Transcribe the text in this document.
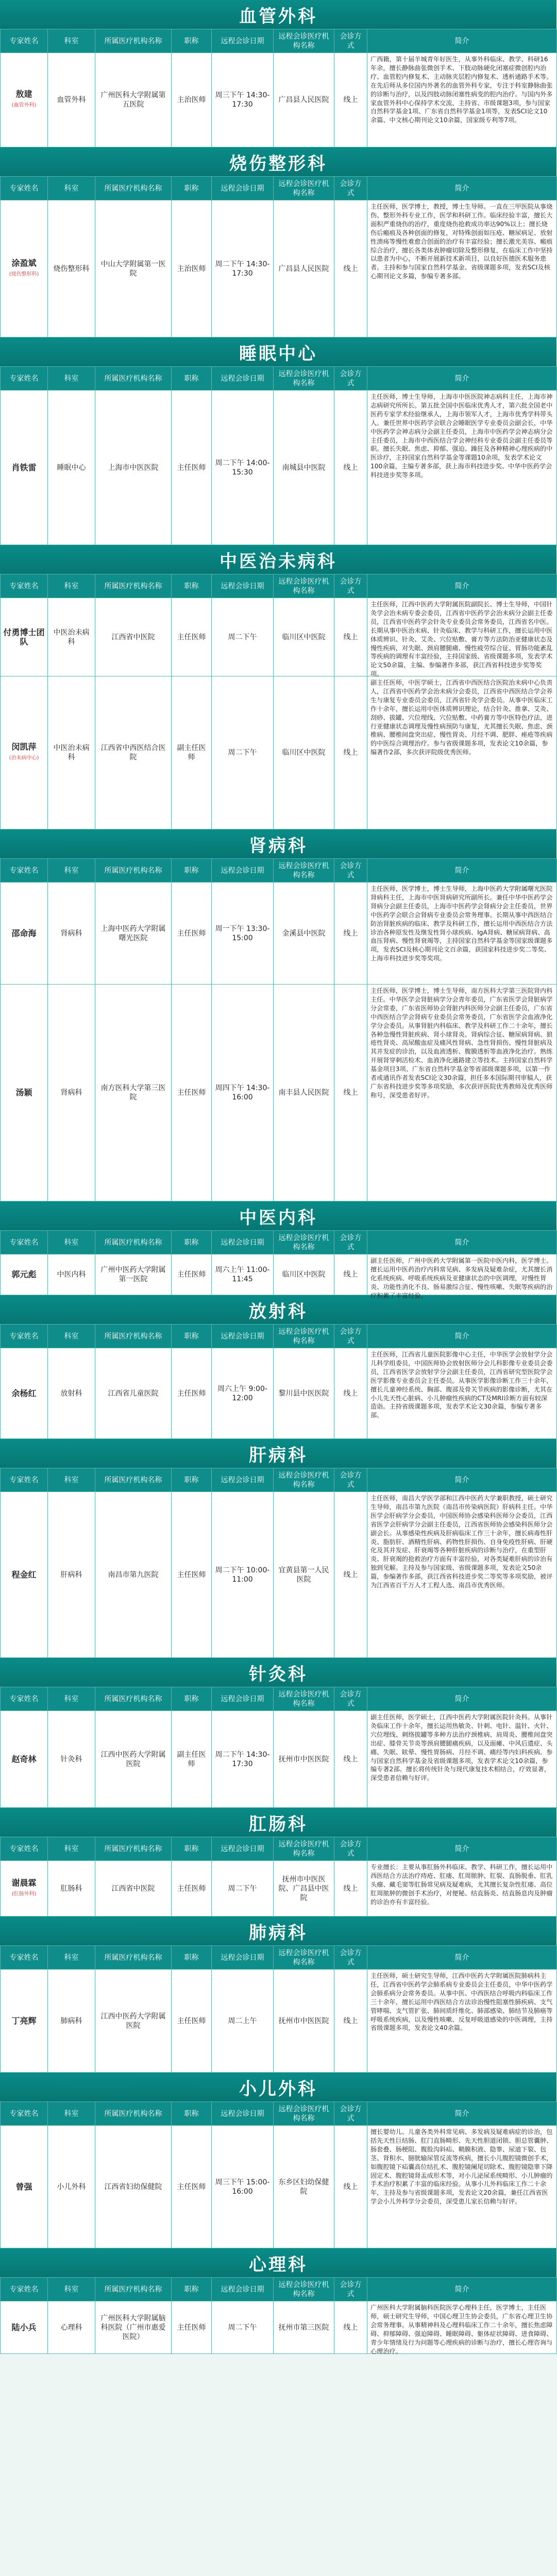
血管外科
专家姓名	科室	所属医疗机构名称	职称	远程会诊日期	远程会诊医疗机构名称	会诊方式	简介

敖建
(血管外科)	血管外科	广州医科大学附属第五医院	主治医师	周三下午 14:30-17:30	广昌县人民医院	线上	广西籍，第十届羊城青年好医生，从事外科临床、教学、科研16年余，擅长静脉曲张微创手术、下肢动脉硬化闭塞症微创腔内治疗、血管腔内修复术、主动脉夹层腔内修复术、透析通路手术等。在先后师从多位国内外著名的血管外科专家，专注于科室静脉曲张的诊断与治疗，以及四肢动脉闭塞性病变的腔内治疗。与国内外多家血管外科中心保持学术交流，主持省、市级课题3项，参与国家自然科学基金1项、广东省自然科学基金1项等，发表SCI论文10余篇、中文核心期刊论文10余篇，国家级专利等7项。
烧伤整形科
专家姓名	科室	所属医疗机构名称	职称	远程会诊日期	远程会诊医疗机构名称	会诊方式	简介

涂盈斌
(烧伤整形科)	烧伤整形科	中山大学附属第一医院	主治医师	周二下午 14:30-17:30	广昌县人民医院	线上	主任医师，医学博士，教授，博士生导师。一直在三甲医院从事烧伤、整形外科专业工作，医学和科研工作。临床经验丰富，擅长大面积严重烧伤的治疗，重度烧伤抢救成功率达90%以上；擅长烧伤后瘢痕及各种创面的修复，对特殊创面如压疮、糖尿病足、放射性溃疡等慢性难愈合创面的治疗有丰富经验；擅长激光美容、瘢痕综合治疗，擅长各类体表肿瘤切除及整形修复，在临床工作中坚持以患者为中心，不断开展新技术新项目，以良好医德医术服务患者。主持和参与国家自然科学基金、省级课题多项，发表SCI及核心期刊论文多篇，参编专著多部。
睡眠中心
专家姓名	科室	所属医疗机构名称	职称	远程会诊日期	远程会诊医疗机构名称	会诊方式	简介

肖铁雷	睡眠中心	上海市中医医院	主任医师	周二下午 14:00-15:30	南城县中医院	线上	主任医师，博士生导师，上海市中医医院神志病科主任，上海市神志病研究所所长。第五批全国中医临床优秀人才，第六批全国老中医药专家学术经验继承人，上海市领军人才，上海市优秀学科带头人。兼任世界中医药学会联合会睡眠医学专业委员会副会长，中华中医药学会神志病分会副主任委员，上海市中医药学会神志病分会主任委员，上海市中西医结合学会神经科专业委员会副主任委员等职。擅长失眠、焦虑、抑郁、强迫、躁狂及各种精神心理疾病的中医诊疗，主持国家自然科学基金等课题10余项，发表学术论文100余篇，主编专著多部，获上海市科技进步奖、中华中医药学会科技进步奖等多项。
中医治未病科
专家姓名	科室	所属医疗机构名称	职称	远程会诊日期	远程会诊医疗机构名称	会诊方式	简介

付勇博士团队	中医治未病科	江西省中医院	主任医师	周二下午	临川区中医院	线上	主任医师，江西中医药大学附属医院副院长、博士生导师，中国针灸学会治未病专委会委员，江西省中医药学会治未病分会副主任委员，江西省中医药学会针灸专业委员会常务委员，江西省名中医。长期从事中医治未病、针灸临床、教学与科研工作，擅长运用中医体质辨识、针灸、艾灸、穴位贴敷、膏方等方法防治亚健康状态及慢性疾病，对失眠、颈肩腰腿痛、慢性疲劳综合征、胃肠功能紊乱等疾病的调理有丰富经验，主持国家级、省级课题多项，发表学术论文50余篇，主编、参编著作多部，获江西省科技进步奖等奖项。

闵凯萍
(治未病中心)	中医治未病科	江西省中西医结合医院	副主任医师	周二下午	临川区中医院	线上	副主任医师，中医学硕士，江西省中西医结合医院治未病中心负责人，江西省中医药学会治未病分会委员，江西省中西医结合学会养生与康复专业委员会委员，江西省针灸学会委员。从事中医临床工作十余年，擅长运用中医体质辨识理论，结合针灸、推拿、艾灸、刮痧、拔罐、穴位埋线、穴位贴敷、中药膏方等中医特色疗法，进行亚健康状态调理及慢性病预防与康复，尤其擅长失眠、焦虑、颈椎病、腰椎间盘突出症、慢性胃炎、月经不调、肥胖、痤疮等疾病的中医综合调理治疗。参与省级课题多项，发表论文10余篇，参编著作2部，多次获评院级优秀医师。
肾病科
专家姓名	科室	所属医疗机构名称	职称	远程会诊日期	远程会诊医疗机构名称	会诊方式	简介

邵命海	肾病科	上海中医药大学附属曙光医院	主任医师	周一下午 13:30-15:00	金溪县中医院	线上	主任医师，医学博士，博士生导师，上海中医药大学附属曙光医院肾病科主任，上海市中医肾病研究所副所长。兼任中华中医药学会肾病分会副主任委员，上海市中医药学会肾病分会主任委员，世界中医药学会联合会肾病专业委员会常务理事。长期从事中西医结合防治肾脏疾病的临床、教学及科研工作，擅长运用中西医结合方法诊治各种原发性及继发性肾小球疾病、IgA肾病、糖尿病肾病、高血压肾病、慢性肾衰竭等，主持国家自然科学基金等国家级课题多项，发表SCI及核心期刊论文百余篇，获国家科技进步奖二等奖、上海市科技进步奖等奖项。

汤颖	肾病科	南方医科大学第三医院	主任医师	周四下午 14:30-16:00	南丰县人民医院	线上	主任医师，医学博士，博士生导师，南方医科大学第三医院肾内科主任。中华医学会肾脏病学分会青年委员，广东省医学会肾脏病学分会常委，广东省医师协会肾脏内科医师分会副主任委员，广东省中西医结合学会肾病专业委员会常务委员，广东省医学会血液净化学分会委员。从事肾脏内科临床、教学及科研工作二十余年，擅长各种急慢性肾脏疾病、肾小球肾炎、肾病综合征、糖尿病肾病、狼疮性肾炎、高尿酸血症及痛风性肾病、急性肾损伤、慢性肾脏病及其并发症的诊治，以及血液透析、腹膜透析等血液净化治疗。熟练开展肾穿刺活检术、血液净化通路建立等技术。主持国家自然科学基金项目3项、广东省自然科学基金等省部级课题多项，以第一作者或通讯作者发表SCI论文30余篇，担任多本国际期刊审稿人，获广东省科技进步奖等多项奖励，多次获评医院优秀教师及优秀医师称号，深受患者好评。
中医内科
专家姓名	科室	所属医疗机构名称	职称	远程会诊日期	远程会诊医疗机构名称	会诊方式	简介

郭元彪	中医内科	广州中医药大学附属第一医院	主任医师	周六上午 11:00-11:45	临川区中医院	线上	副主任医师，广州中医药大学附属第一医院中医内科，医学博士。擅长运用中医药治疗内科常见病、多发病及疑难杂症，尤其擅长消化系统疾病、呼吸系统疾病及亚健康状态的中医调理，对慢性胃炎、功能性消化不良、肠易激综合征、慢性咳嗽、失眠等疾病的治疗积累了丰富经验。
放射科
专家姓名	科室	所属医疗机构名称	职称	远程会诊日期	远程会诊医疗机构名称	会诊方式	简介

余杨红	放射科	江西省儿童医院	主任医师	周六上午 9:00-12:00	黎川县中医医院	线上	主任医师，江西省儿童医院影像中心主任，中华医学会放射学分会儿科学组委员，中国医师协会放射医师分会儿科影像专业委员会委员，江西省医学会放射学分会副主任委员，江西省研究型医院学会医学影像专业委员会主任委员。从事医学影像诊断工作三十余年，擅长儿童神经系统、胸部、腹部及骨关节疾病的影像诊断，尤其在小儿先天性心脏病、小儿肿瘤性疾病的CT及MRI诊断方面有较深造诣。主持省级课题多项，发表学术论文30余篇，参编专著多部。
肝病科
专家姓名	科室	所属医疗机构名称	职称	远程会诊日期	远程会诊医疗机构名称	会诊方式	简介

程金红	肝病科	南昌市第九医院	主任医师	周二下午 10:00-11:00	宜黄县第一人民医院	线上	主任医师，南昌大学医学部和江西中医药大学兼职教授，硕士研究生导师，南昌市第九医院（南昌市传染病医院）肝病科主任。中华医学会肝病学分会委员，中国医师协会感染科医师分会委员，江西省医学会肝病学分会副主任委员，江西省医师协会感染科医师分会副会长。从事感染性疾病及肝病临床工作三十余年，擅长病毒性肝炎、脂肪肝、酒精性肝病、药物性肝损伤、自身免疫性肝病、肝硬化及其并发症、肝衰竭等各种肝脏疾病的诊断与治疗，在重型肝炎、肝衰竭的抢救治疗方面有丰富经验，对各类疑难肝病的诊治有独到见解。主持及参与国家级、省级课题多项，发表论文50余篇，参编著作多部，获江西省科技进步奖二等奖等多项奖励，被评为江西省百千万人才工程人选、南昌市优秀医师。
针灸科
专家姓名	科室	所属医疗机构名称	职称	远程会诊日期	远程会诊医疗机构名称	会诊方式	简介

赵奇林	针灸科	江西中医药大学附属医院	副主任医师	周二下午 14:30-17:30	抚州市中医医院	线上	副主任医师，医学硕士，江西中医药大学附属医院针灸科。从事针灸临床工作十余年，擅长运用热敏灸、针刺、电针、温针、火针、穴位埋线、刺络拔罐等多种方法治疗颈椎病、肩周炎、腰椎间盘突出症、膝骨关节炎等颈肩腰腿痛疾病，以及面瘫、中风后遗症、头痛、失眠、眩晕、慢性胃肠病、月经不调、痛经等内妇科疾病。参与国家自然科学基金及省级课题多项，发表学术论文10余篇，参编专著2部。擅长将传统针灸与现代康复技术相结合，疗效显著，深受患者信赖与好评。
肛肠科
专家姓名	科室	所属医疗机构名称	职称	远程会诊日期	远程会诊医疗机构名称	会诊方式	简介

谢晨霖
(肛肠外科)	肛肠科	江西省中医院	主任医师	周二下午	抚州市中医医院、广昌县中医院	线上	专业擅长：主要从事肛肠外科临床、教学、科研工作，擅长运用中西医结合方法治疗痔疮、肛瘘、肛周脓肿、肛裂、直肠脱垂、肛乳头瘤、藏毛窦等肛肠常见病及疑难病，尤其擅长复杂性肛瘘、高位肛周脓肿的微创手术治疗，对便秘、结直肠炎、结直肠息肉及肿瘤的诊治亦有丰富经验。
肺病科
专家姓名	科室	所属医疗机构名称	职称	远程会诊日期	远程会诊医疗机构名称	会诊方式	简介

丁亮辉	肺病科	江西中医药大学附属医院	主任医师	周二上午	抚州市中医医院	线上	主任医师，硕士研究生导师，江西中医药大学附属医院肺病科主任，江西省中医药学会肺系病专业委员会主任委员，中华中医药学会肺系病分会常务委员。从事中医、中西医结合呼吸内科临床工作三十余年，擅长运用中西医结合方法诊治慢性阻塞性肺疾病、支气管哮喘、支气管扩张、肺间质纤维化、肺部感染、肺结节及肺癌等呼吸系统疾病，以及慢性咳嗽、反复呼吸道感染的中医调理，主持省级课题多项，发表论文40余篇。
小儿外科
专家姓名	科室	所属医疗机构名称	职称	远程会诊日期	远程会诊医疗机构名称	会诊方式	简介

曾强	小儿外科	江西省妇幼保健院	主任医师	周三下午 15:00-16:00	东乡区妇幼保健院	线上	擅长婴幼儿、儿童各类外科常见病、多发病及疑难病症的诊治，包括先天性巨结肠、肛门直肠畸形、先天性胆道闭锁、胆总管囊肿、肠套叠、肠梗阻、腹股沟斜疝、鞘膜积液、隐睾、尿道下裂、包茎、肾积水、膀胱输尿管反流等疾病，擅长小儿腹腔镜微创手术，如腹腔镜下疝囊高位结扎术、腹腔镜阑尾切除术、腹腔镜隐睾下降固定术、腹腔镜肾盂成形术等，对小儿泌尿系统畸形、小儿肿瘤的手术治疗积累了丰富的临床经验。从事小儿外科临床工作二十余年，主持及参与省级课题多项，发表论文20余篇，兼任江西省医学会小儿外科学分会委员，深受患儿家长信赖与好评。
心理科
专家姓名	科室	所属医疗机构名称	职称	远程会诊日期	远程会诊医疗机构名称	会诊方式	简介

陆小兵	心理科	广州医科大学附属脑科医院（广州市惠爱医院）	主任医师	周二下午	抚州市第三医院	线上	广州医科大学附属脑科医院医学心理科主任，医学博士，主任医师，硕士研究生导师，中国心理卫生协会委员，广东省心理卫生协会常务理事。从事精神科及心理科临床工作二十余年，擅长焦虑障碍、抑郁障碍、强迫障碍、睡眠障碍、躯体症状障碍、进食障碍、青少年情绪及行为问题等心理疾病的诊断与治疗，擅长心理咨询与心理治疗。
